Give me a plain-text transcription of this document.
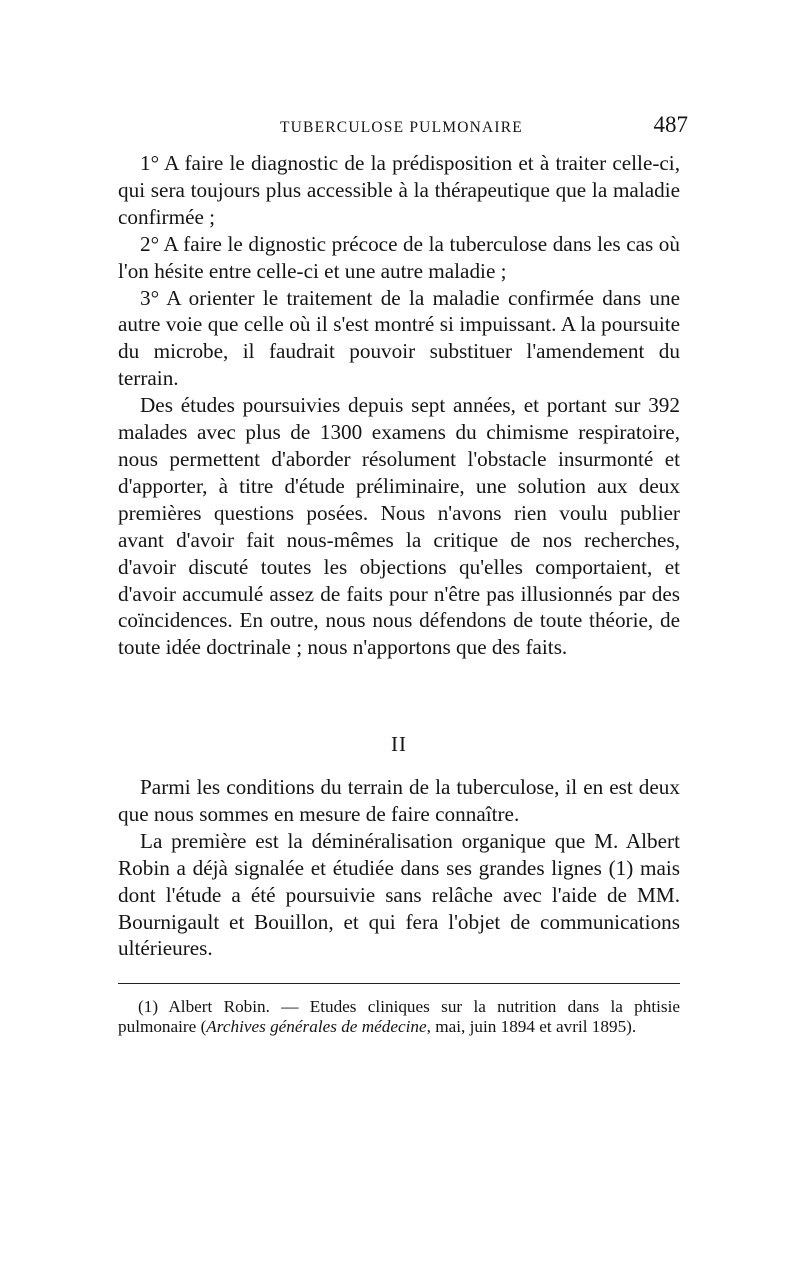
TUBERCULOSE PULMONAIRE	487

1° A faire le diagnostic de la prédisposition et à traiter celle-ci, qui sera toujours plus accessible à la thérapeutique que la maladie confirmée ;

2° A faire le dignostic précoce de la tuberculose dans les cas où l'on hésite entre celle-ci et une autre maladie ;

3° A orienter le traitement de la maladie confirmée dans une autre voie que celle où il s'est montré si impuissant. A la poursuite du microbe, il faudrait pouvoir substituer l'amendement du terrain.

Des études poursuivies depuis sept années, et portant sur 392 malades avec plus de 1300 examens du chimisme respiratoire, nous permettent d'aborder résolument l'obstacle insurmonté et d'apporter, à titre d'étude préliminaire, une solution aux deux premières questions posées. Nous n'avons rien voulu publier avant d'avoir fait nous-mêmes la critique de nos recherches, d'avoir discuté toutes les objections qu'elles comportaient, et d'avoir accumulé assez de faits pour n'être pas illusionnés par des coïncidences. En outre, nous nous défendons de toute théorie, de toute idée doctrinale ; nous n'apportons que des faits.

II

Parmi les conditions du terrain de la tuberculose, il en est deux que nous sommes en mesure de faire connaître.

La première est la déminéralisation organique que M. Albert Robin a déjà signalée et étudiée dans ses grandes lignes (1) mais dont l'étude a été poursuivie sans relâche avec l'aide de MM. Bournigault et Bouillon, et qui fera l'objet de communications ultérieures.

(1) Albert Robin. — Etudes cliniques sur la nutrition dans la phtisie pulmonaire (Archives générales de médecine, mai, juin 1894 et avril 1895).
